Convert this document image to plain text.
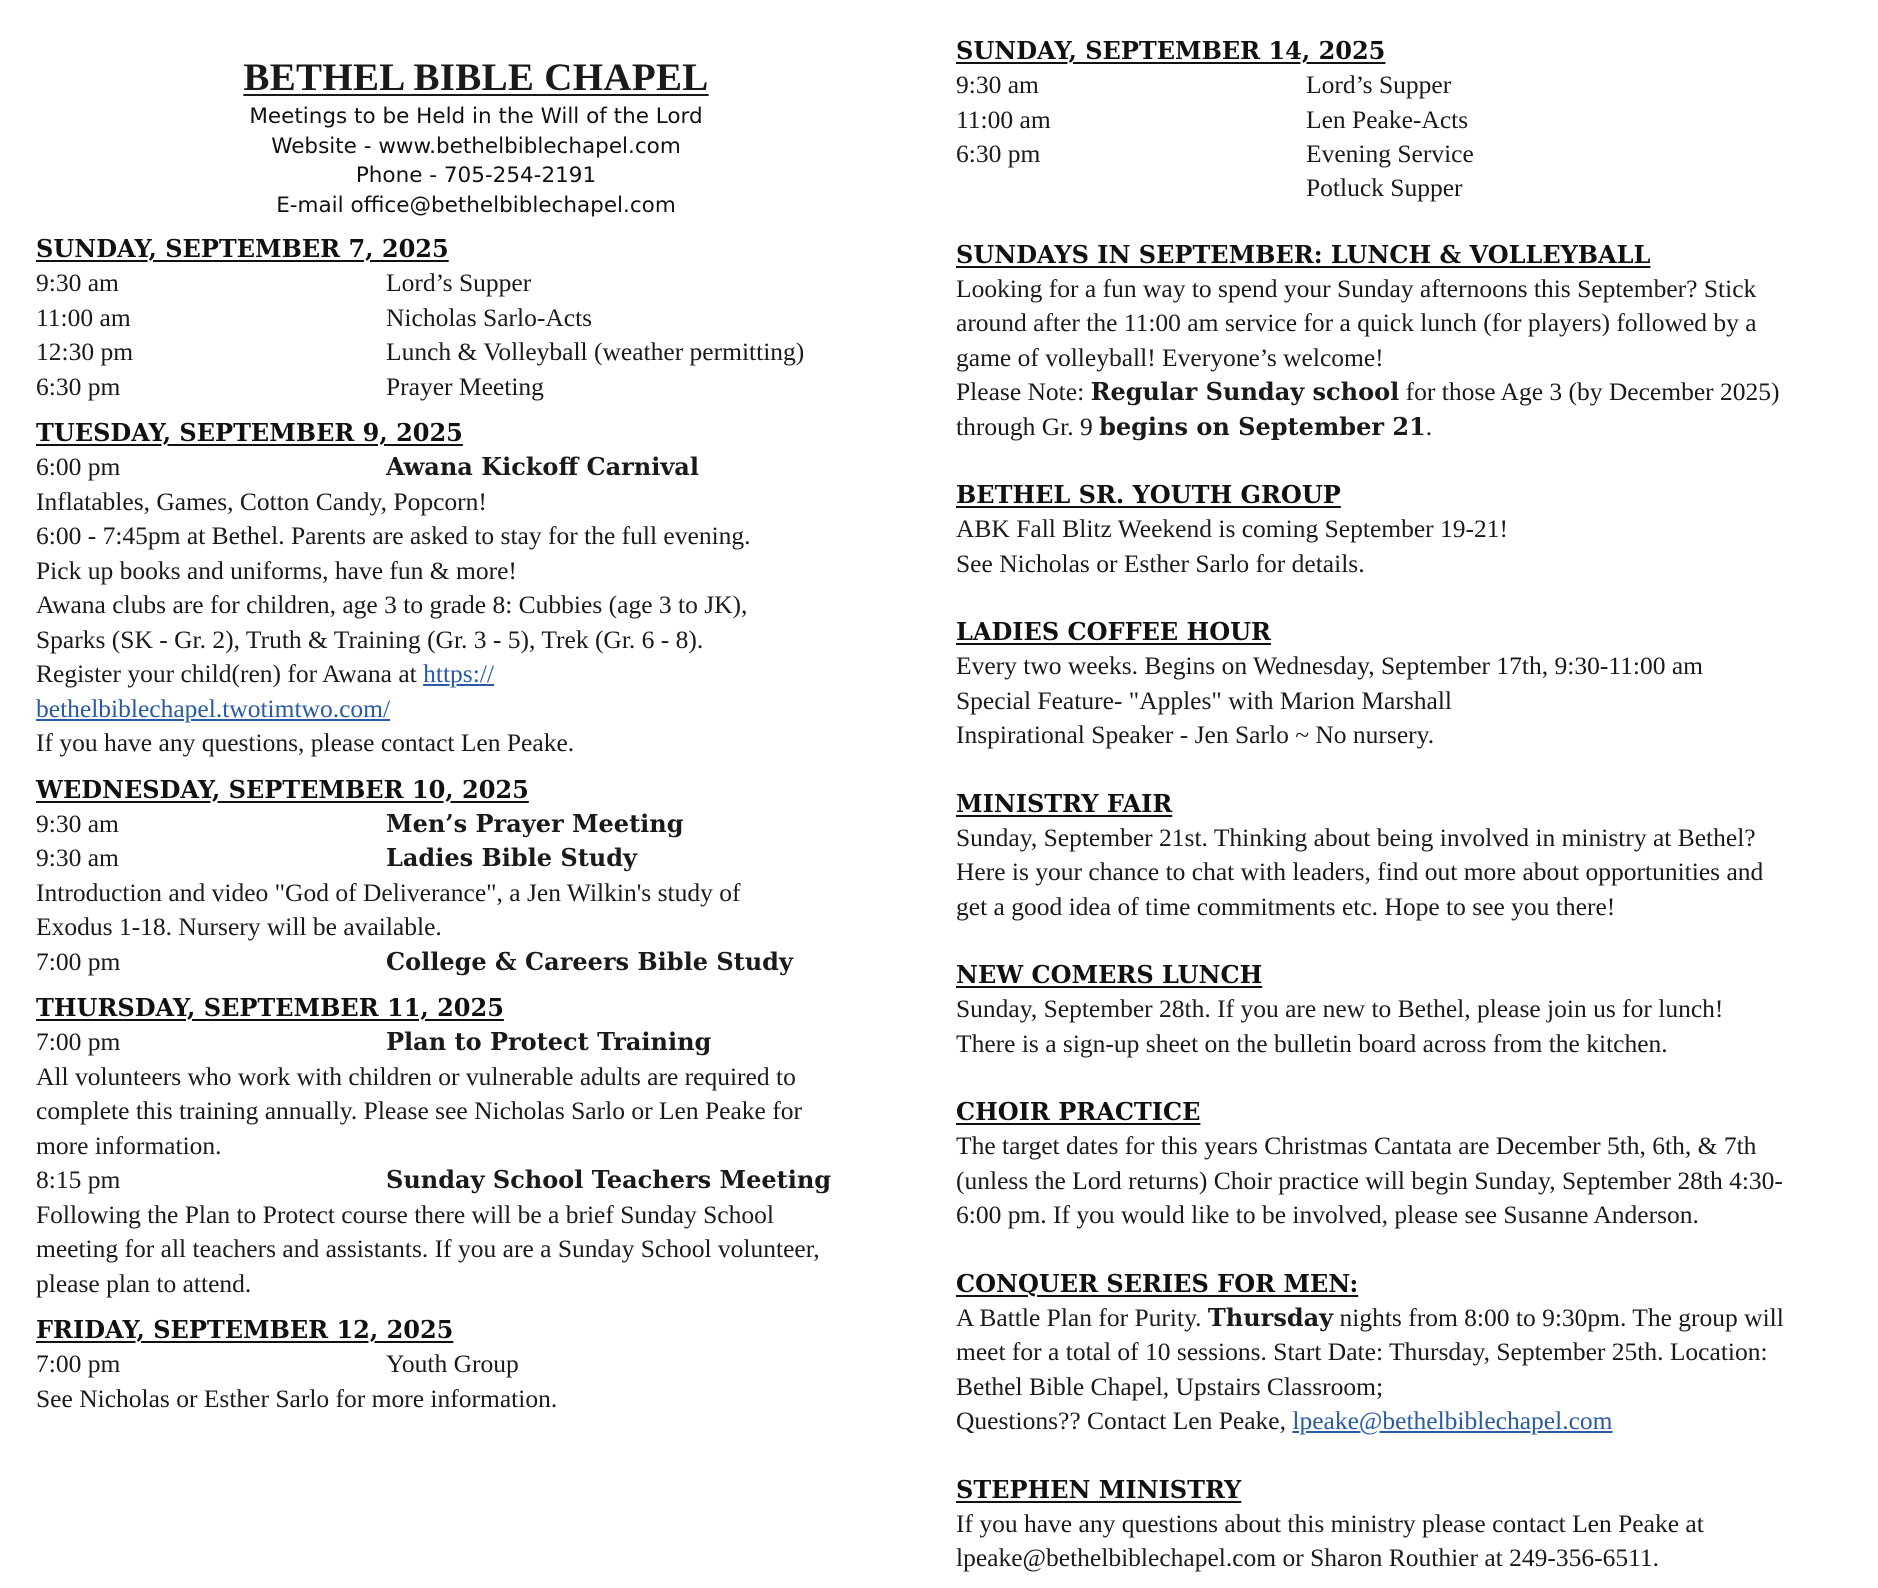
BETHEL BIBLE CHAPEL
Meetings to be Held in the Will of the Lord
Website - www.bethelbiblechapel.com
Phone - 705-254-2191
E-mail office@bethelbiblechapel.com
SUNDAY, SEPTEMBER 7, 2025
9:30 am	Lord’s Supper
11:00 am	Nicholas Sarlo-Acts
12:30 pm	Lunch & Volleyball (weather permitting)
6:30 pm	Prayer Meeting
TUESDAY, SEPTEMBER 9, 2025
6:00 pm	Awana Kickoff Carnival
Inflatables, Games, Cotton Candy, Popcorn!
6:00 - 7:45pm at Bethel. Parents are asked to stay for the full evening.
Pick up books and uniforms, have fun & more!
Awana clubs are for children, age 3 to grade 8: Cubbies (age 3 to JK),
Sparks (SK - Gr. 2), Truth & Training (Gr. 3 - 5), Trek (Gr. 6 - 8).
Register your child(ren) for Awana at https://
bethelbiblechapel.twotimtwo.com/
If you have any questions, please contact Len Peake.
WEDNESDAY, SEPTEMBER 10, 2025
9:30 am	Men’s Prayer Meeting
9:30 am	Ladies Bible Study
Introduction and video "God of Deliverance", a Jen Wilkin's study of
Exodus 1-18. Nursery will be available.
7:00 pm	College & Careers Bible Study
THURSDAY, SEPTEMBER 11, 2025
7:00 pm	Plan to Protect Training
All volunteers who work with children or vulnerable adults are required to
complete this training annually. Please see Nicholas Sarlo or Len Peake for
more information.
8:15 pm	Sunday School Teachers Meeting
Following the Plan to Protect course there will be a brief Sunday School
meeting for all teachers and assistants. If you are a Sunday School volunteer,
please plan to attend.
FRIDAY, SEPTEMBER 12, 2025
7:00 pm	Youth Group
See Nicholas or Esther Sarlo for more information.
SUNDAY, SEPTEMBER 14, 2025
9:30 am	Lord’s Supper
11:00 am	Len Peake-Acts
6:30 pm	Evening Service
Potluck Supper
SUNDAYS IN SEPTEMBER: LUNCH & VOLLEYBALL
Looking for a fun way to spend your Sunday afternoons this September? Stick
around after the 11:00 am service for a quick lunch (for players) followed by a
game of volleyball! Everyone’s welcome!
Please Note: Regular Sunday school for those Age 3 (by December 2025)
through Gr. 9 begins on September 21.
BETHEL SR. YOUTH GROUP
ABK Fall Blitz Weekend is coming September 19-21!
See Nicholas or Esther Sarlo for details.
LADIES COFFEE HOUR
Every two weeks. Begins on Wednesday, September 17th, 9:30-11:00 am
Special Feature- "Apples" with Marion Marshall
Inspirational Speaker - Jen Sarlo ~ No nursery.
MINISTRY FAIR
Sunday, September 21st. Thinking about being involved in ministry at Bethel?
Here is your chance to chat with leaders, find out more about opportunities and
get a good idea of time commitments etc. Hope to see you there!
NEW COMERS LUNCH
Sunday, September 28th. If you are new to Bethel, please join us for lunch!
There is a sign-up sheet on the bulletin board across from the kitchen.
CHOIR PRACTICE
The target dates for this years Christmas Cantata are December 5th, 6th, & 7th
(unless the Lord returns) Choir practice will begin Sunday, September 28th 4:30-
6:00 pm. If you would like to be involved, please see Susanne Anderson.
CONQUER SERIES FOR MEN:
A Battle Plan for Purity. Thursday nights from 8:00 to 9:30pm. The group will
meet for a total of 10 sessions. Start Date: Thursday, September 25th. Location:
Bethel Bible Chapel, Upstairs Classroom;
Questions?? Contact Len Peake, lpeake@bethelbiblechapel.com
STEPHEN MINISTRY
If you have any questions about this ministry please contact Len Peake at
lpeake@bethelbiblechapel.com or Sharon Routhier at 249-356-6511.
